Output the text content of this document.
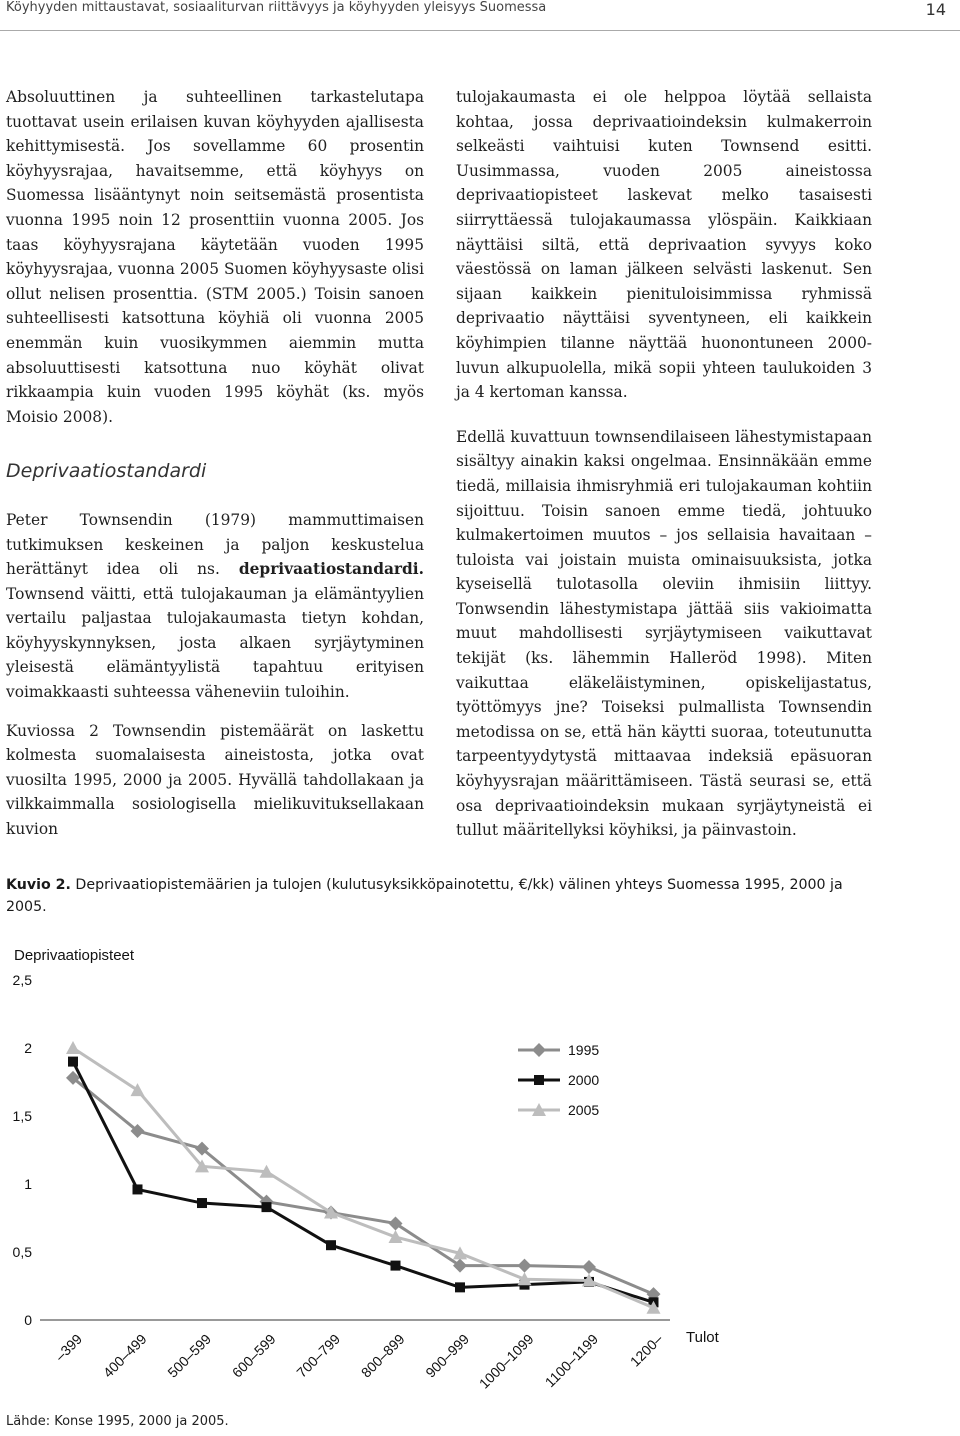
Köyhyyden mittaustavat, sosiaaliturvan riittävyys ja köyhyyden yleisyys Suomessa	14

Absoluuttinen ja suhteellinen tarkastelutapa tuottavat usein erilaisen kuvan köyhyyden ajallisesta kehittymisestä. Jos sovellamme 60 prosentin köyhyysrajaa, havaitsemme, että köyhyys on Suomessa lisääntynyt noin seitsemästä prosentista vuonna 1995 noin 12 prosenttiin vuonna 2005. Jos taas köyhyysrajana käytetään vuoden 1995 köyhyysrajaa, vuonna 2005 Suomen köyhyysaste olisi ollut nelisen prosenttia. (STM 2005.) Toisin sanoen suhteellisesti katsottuna köyhiä oli vuonna 2005 enemmän kuin vuosikymmen aiemmin mutta absoluuttisesti katsottuna nuo köyhät olivat rikkaampia kuin vuoden 1995 köyhät (ks. myös Moisio 2008).

Deprivaatiostandardi

Peter Townsendin (1979) mammuttimaisen tutkimuksen keskeinen ja paljon keskustelua herättänyt idea oli ns. deprivaatiostandardi. Townsend väitti, että tulojakauman ja elämäntyylien vertailu paljastaa tulojakaumasta tietyn kohdan, köyhyyskynnyksen, josta alkaen syrjäytyminen yleisestä elämäntyylistä tapahtuu erityisen voimakkaasti suhteessa väheneviin tuloihin.

Kuviossa 2 Townsendin pistemäärät on laskettu kolmesta suomalaisesta aineistosta, jotka ovat vuosilta 1995, 2000 ja 2005. Hyvällä tahdollakaan ja vilkkaimmalla sosiologisella mielikuvituksellakaan kuvion

tulojakaumasta ei ole helppoa löytää sellaista kohtaa, jossa deprivaatioindeksin kulmakerroin selkeästi vaihtuisi kuten Townsend esitti. Uusimmassa, vuoden 2005 aineistossa deprivaatiopisteet laskevat melko tasaisesti siirryttäessä tulojakaumassa ylöspäin. Kaikkiaan näyttäisi siltä, että deprivaation syvyys koko väestössä on laman jälkeen selvästi laskenut. Sen sijaan kaikkein pienituloisimmissa ryhmissä deprivaatio näyttäisi syventyneen, eli kaikkein köyhimpien tilanne näyttää huonontuneen 2000-luvun alkupuolella, mikä sopii yhteen taulukoiden 3 ja 4 kertoman kanssa.

Edellä kuvattuun townsendilaiseen lähestymistapaan sisältyy ainakin kaksi ongelmaa. Ensinnäkään emme tiedä, millaisia ihmisryhmiä eri tulojakauman kohtiin sijoittuu. Toisin sanoen emme tiedä, johtuuko kulmakertoimen muutos – jos sellaisia havaitaan – tuloista vai joistain muista ominaisuuksista, jotka kyseisellä tulotasolla oleviin ihmisiin liittyy. Tonwsendin lähestymistapa jättää siis vakioimatta muut mahdollisesti syrjäytymiseen vaikuttavat tekijät (ks. lähemmin Halleröd 1998). Miten vaikuttaa eläkeläistyminen, opiskelijastatus, työttömyys jne? Toiseksi pulmallista Townsendin metodissa on se, että hän käytti suoraa, toteutunutta tarpeentyydytystä mittaavaa indeksiä epäsuoran köyhyysrajan määrittämiseen. Tästä seurasi se, että osa deprivaatioindeksin mukaan syrjäytyneistä ei tullut määritellyksi köyhiksi, ja päinvastoin.

Kuvio 2. Deprivaatiopistemäärien ja tulojen (kulutusyksikköpainotettu, €/kk) välinen yhteys Suomessa 1995, 2000 ja 2005.
Deprivaatiopisteet
0
0,5
1
1,5
2
2,5
–399 400–499 500–599 600–599 700–799 800–899 900–999 1000–1099 1100–1199 1200– Tulot
1995
2000
2005
Lähde: Konse 1995, 2000 ja 2005.
